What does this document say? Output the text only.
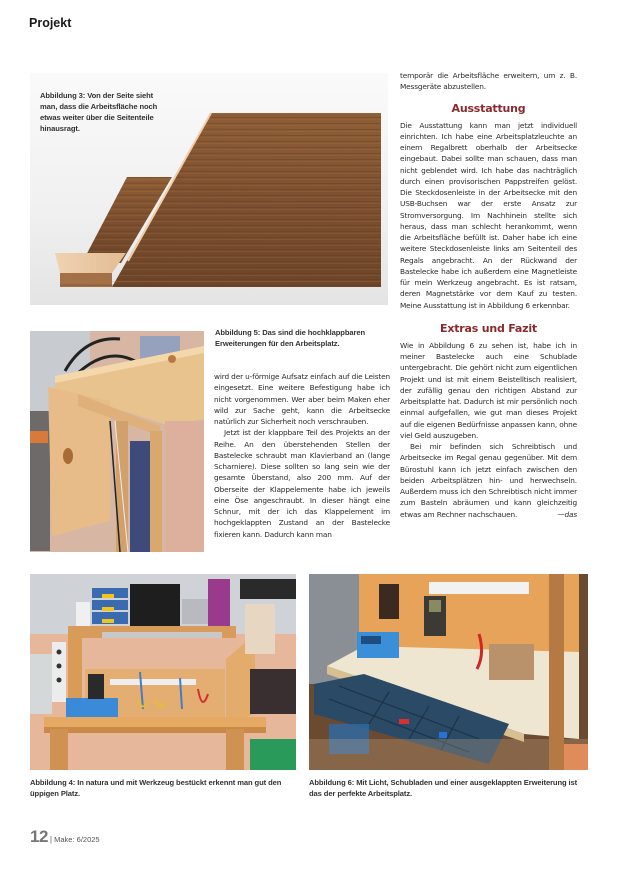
Projekt
Abbildung 3: Von der Seite sieht man, dass die Arbeitsfläche noch etwas weiter über die Seitenteile hinausragt.
Abbildung 5: Das sind die hochklappbaren Erweiterungen für den Arbeitsplatz.

wird der u-förmige Aufsatz einfach auf die Leisten eingesetzt. Eine weitere Befestigung habe ich nicht vorgenommen. Wer aber beim Maken eher wild zur Sache geht, kann die Arbeitsecke natürlich zur Sicherheit noch verschrauben.

Jetzt ist der klappbare Teil des Projekts an der Reihe. An den überstehenden Stellen der Bastelecke schraubt man Klavierband an (lange Scharniere). Diese sollten so lang sein wie der gesamte Überstand, also 200 mm. Auf der Oberseite der Klappelemente habe ich jeweils eine Öse angeschraubt. In dieser hängt eine Schnur, mit der ich das Klappelement im hochgeklappten Zustand an der Bastelecke fixieren kann. Dadurch kann man

temporär die Arbeitsfläche erweitern, um z. B. Messgeräte abzustellen.

Ausstattung

Die Ausstattung kann man jetzt individuell einrichten. Ich habe eine Arbeitsplatzleuchte an einem Regalbrett oberhalb der Arbeitsecke eingebaut. Dabei sollte man schauen, dass man nicht geblendet wird. Ich habe das nachträglich durch einen provisorischen Pappstreifen gelöst. Die Steckdosenleiste in der Arbeitsecke mit den USB-Buchsen war der erste Ansatz zur Stromversorgung. Im Nachhinein stellte sich heraus, dass man schlecht herankommt, wenn die Arbeitsfläche befüllt ist. Daher habe ich eine weitere Steckdosenleiste links am Seitenteil des Regals angebracht. An der Rückwand der Bastelecke habe ich außerdem eine Magnetleiste für mein Werkzeug angebracht. Es ist ratsam, deren Magnetstärke vor dem Kauf zu testen. Meine Ausstattung ist in Abbildung 6 erkennbar.

Extras und Fazit

Wie in Abbildung 6 zu sehen ist, habe ich in meiner Bastelecke auch eine Schublade untergebracht. Die gehört nicht zum eigentlichen Projekt und ist mit einem Beistelltisch realisiert, der zufällig genau den richtigen Abstand zur Arbeitsplatte hat. Dadurch ist mir persönlich noch einmal aufgefallen, wie gut man dieses Projekt auf die eigenen Bedürfnisse anpassen kann, ohne viel Geld auszugeben.

Bei mir befinden sich Schreibtisch und Arbeitsecke im Regal genau gegenüber. Mit dem Bürostuhl kann ich jetzt einfach zwischen den beiden Arbeitsplätzen hin- und herwechseln. Außerdem muss ich den Schreibtisch nicht immer zum Basteln abräumen und kann gleichzeitig etwas am Rechner nachschauen.	—das

Abbildung 4: In natura und mit Werkzeug bestückt erkennt man gut den üppigen Platz.
Abbildung 6: Mit Licht, Schubladen und einer ausgeklappten Erweiterung ist das der perfekte Arbeitsplatz.
12 | Make: 6/2025
